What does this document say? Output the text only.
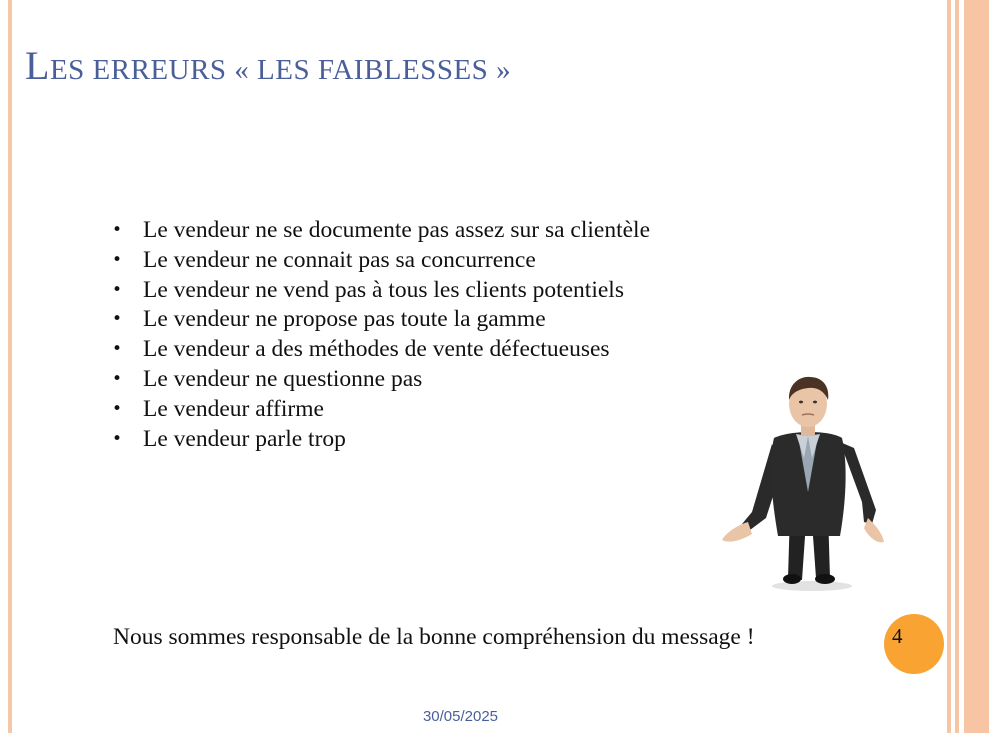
LES ERREURS « LES FAIBLESSES »
• Le vendeur ne se documente pas assez sur sa clientèle
• Le vendeur ne connait pas sa concurrence
• Le vendeur ne vend pas à tous les clients potentiels
• Le vendeur ne propose pas toute la gamme
• Le vendeur a des méthodes de vente défectueuses
• Le vendeur ne questionne pas
• Le vendeur affirme
• Le vendeur parle trop
Nous sommes responsable de la bonne compréhension du message !	4
30/05/2025
